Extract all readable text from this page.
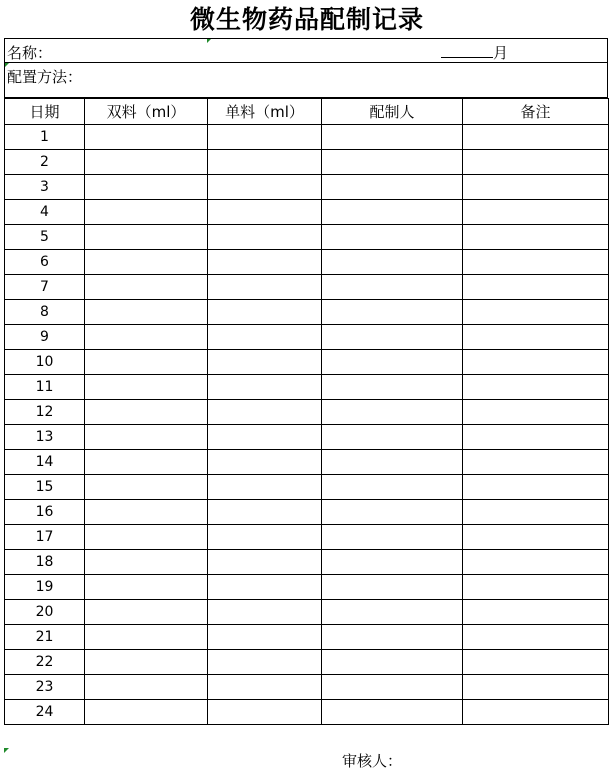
微生物药品配制记录
名称：	月
配置方法：
日期	双料（ml）	单料（ml）	配制人	备注
1				
2				
3				
4				
5				
6				
7				
8				
9				
10				
11				
12				
13				
14				
15				
16				
17				
18				
19				
20				
21				
22				
23				
24				
审核人：
